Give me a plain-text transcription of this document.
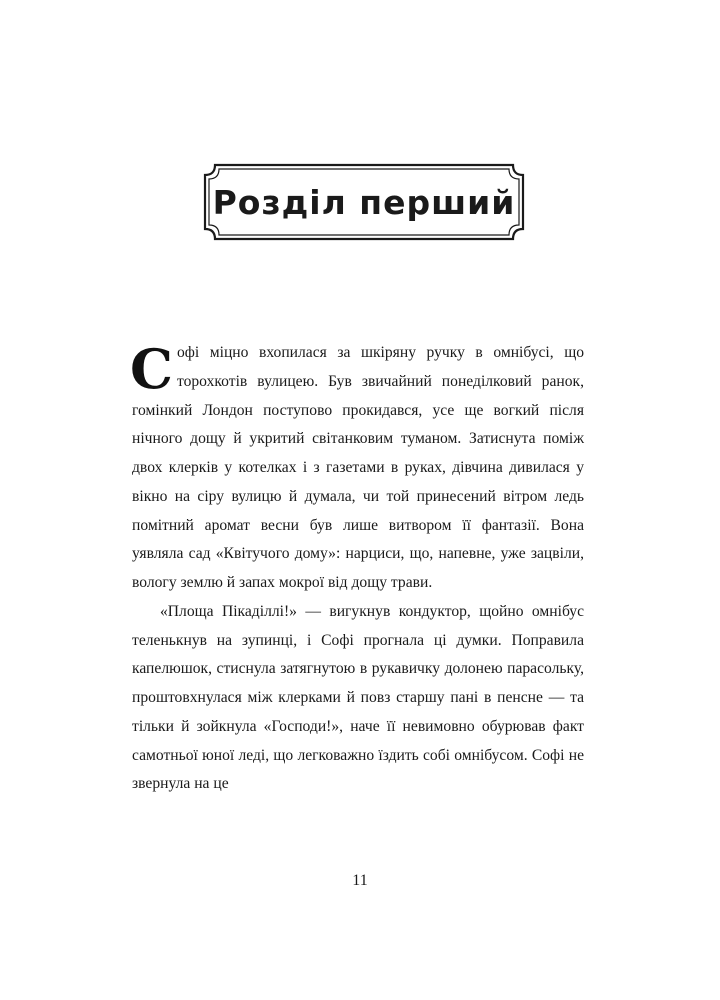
Розділ перший

Софі міцно вхопилася за шкіряну ручку в омнібусі, що торохкотів вулицею. Був звичайний понеділковий ранок, гомінкий Лондон поступово прокидався, усе ще вогкий після нічного дощу й укритий світанковим туманом. Затиснута поміж двох клерків у котелках і з газетами в руках, дівчина дивилася у вікно на сіру вулицю й думала, чи той принесений вітром ледь помітний аромат весни був лише витвором її фантазії. Вона уявляла сад «Квітучого дому»: нарциси, що, напевне, уже зацвіли, вологу землю й запах мокрої від дощу трави.

«Площа Пікаділлі!» — вигукнув кондуктор, щойно омнібус теленькнув на зупинці, і Софі прогнала ці думки. Поправила капелюшок, стиснула затягнутою в рукавичку долонею парасольку, проштовхнулася між клерками й повз старшу пані в пенсне — та тільки й зойкнула «Господи!», наче її невимовно обурював факт самотньої юної леді, що легковажно їздить собі омнібусом. Софі не звернула на це

11
